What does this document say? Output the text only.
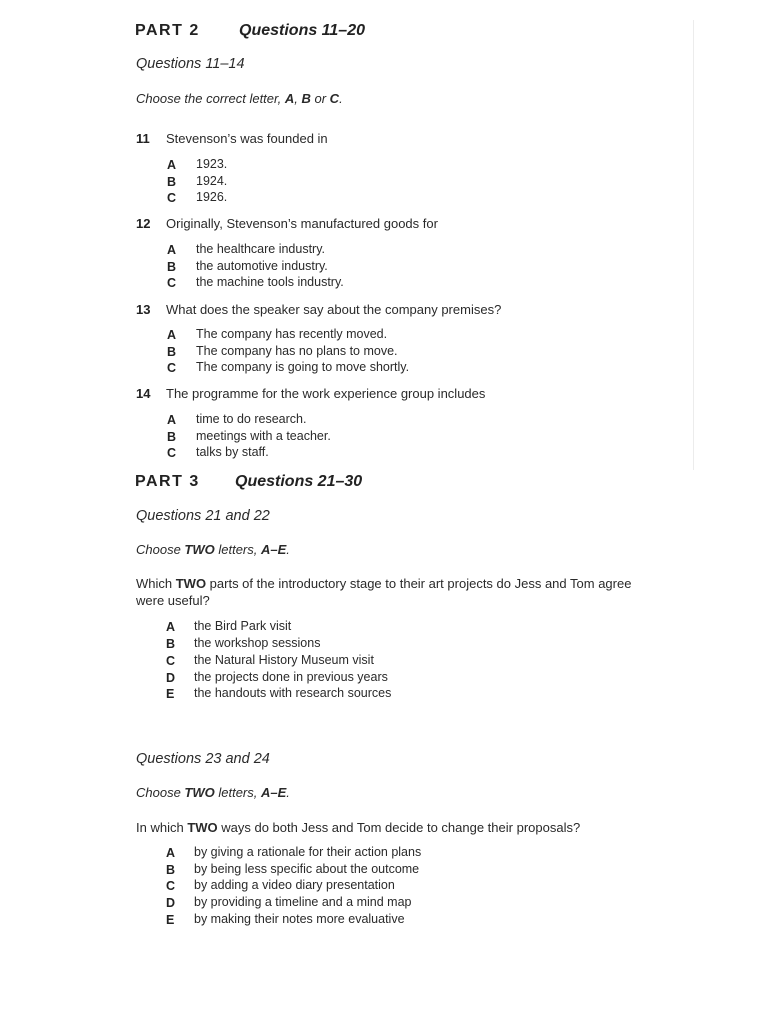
PART 2 Questions 11–20
Questions 11–14
Choose the correct letter, A, B or C.
11 Stevenson’s was founded in
A 1923.
B 1924.
C 1926.
12 Originally, Stevenson’s manufactured goods for
A the healthcare industry.
B the automotive industry.
C the machine tools industry.
13 What does the speaker say about the company premises?
A The company has recently moved.
B The company has no plans to move.
C The company is going to move shortly.
14 The programme for the work experience group includes
A time to do research.
B meetings with a teacher.
C talks by staff.
PART 3 Questions 21–30
Questions 21 and 22
Choose TWO letters, A–E.
Which TWO parts of the introductory stage to their art projects do Jess and Tom agree were useful?
A the Bird Park visit
B the workshop sessions
C the Natural History Museum visit
D the projects done in previous years
E the handouts with research sources
Questions 23 and 24
Choose TWO letters, A–E.
In which TWO ways do both Jess and Tom decide to change their proposals?
A by giving a rationale for their action plans
B by being less specific about the outcome
C by adding a video diary presentation
D by providing a timeline and a mind map
E by making their notes more evaluative
